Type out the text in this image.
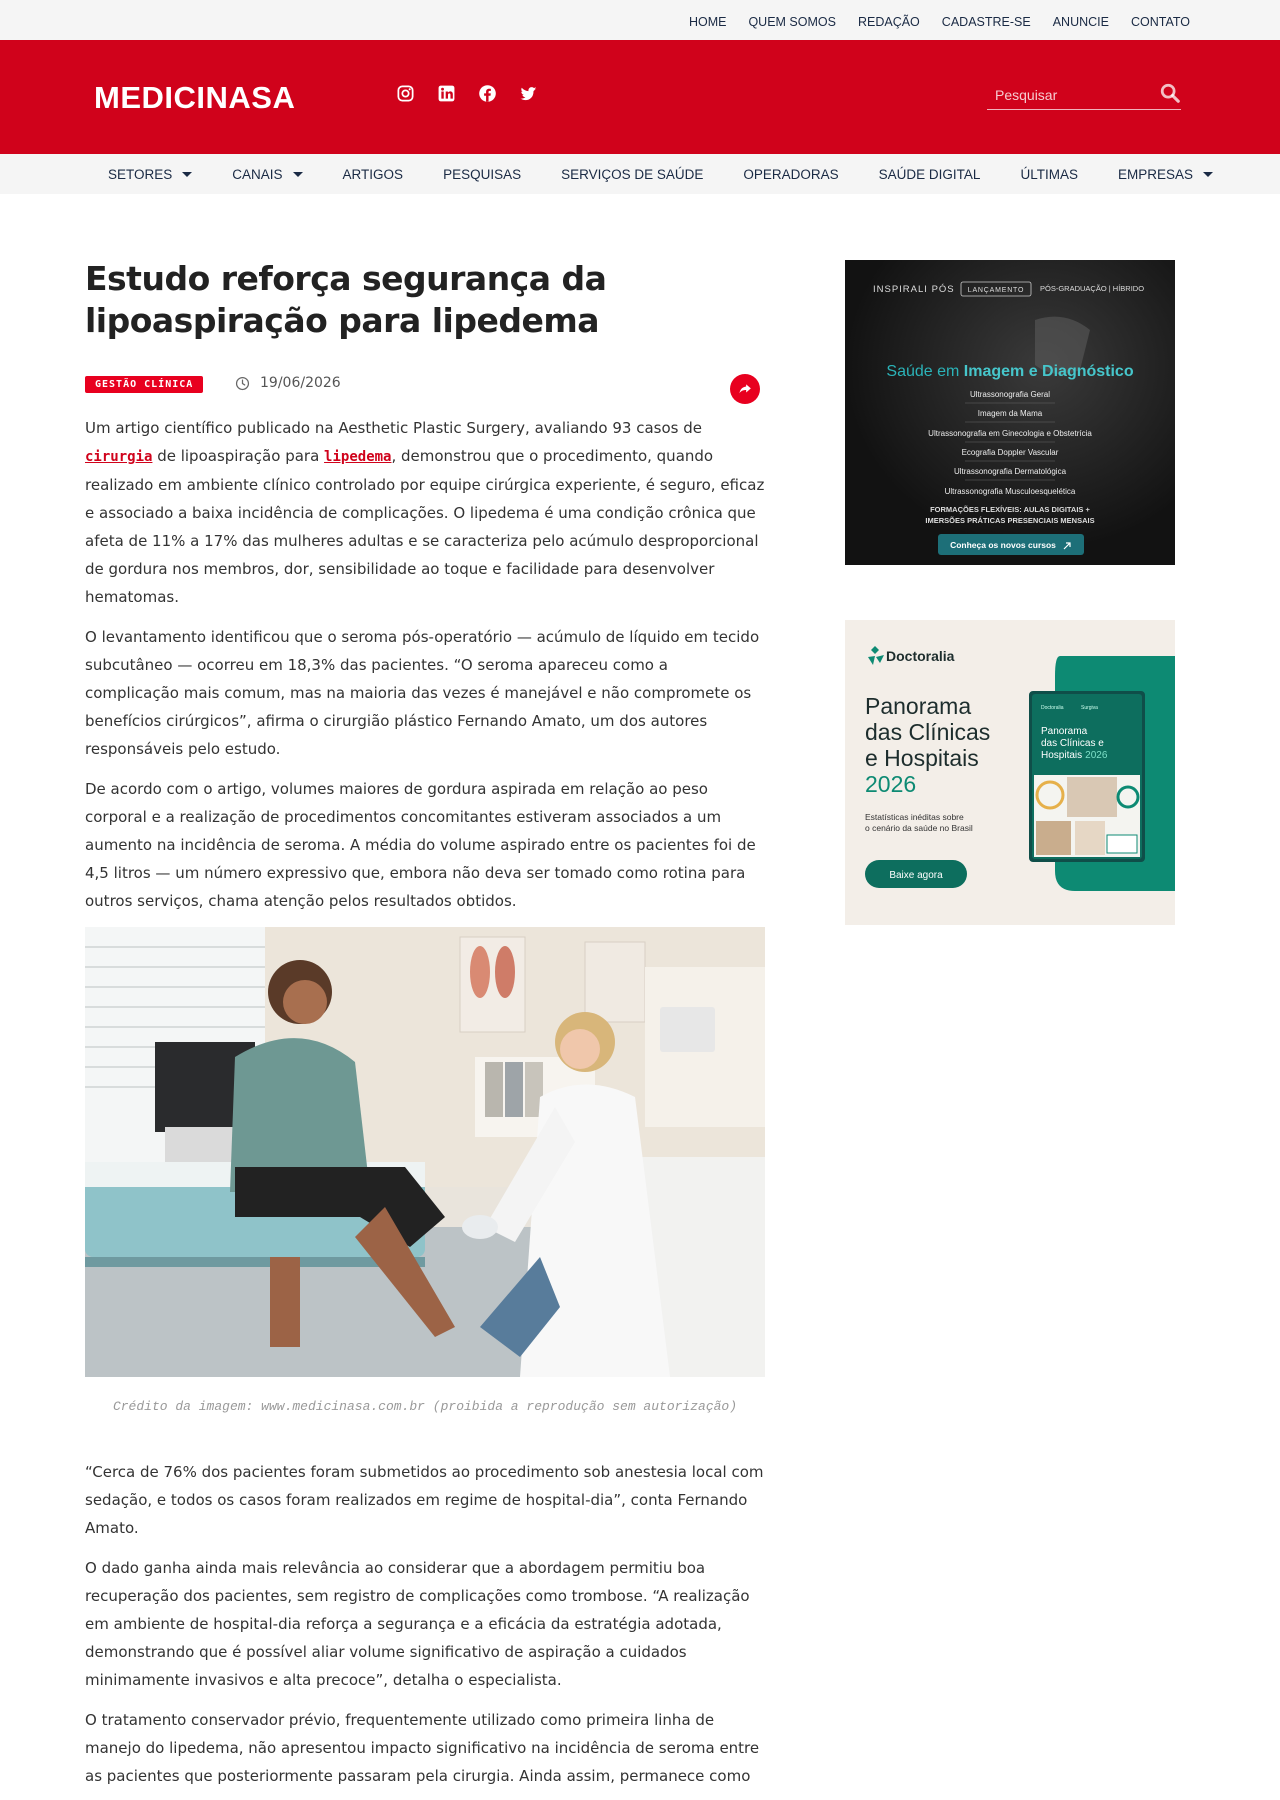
HOME QUEM SOMOS REDAÇÃO CADASTRE-SE ANUNCIE CONTATO
MEDICINASA
Pesquisar
SETORES	CANAIS	ARTIGOS	PESQUISAS	SERVIÇOS DE SAÚDE	OPERADORAS	SAÚDE DIGITAL	ÚLTIMAS	EMPRESAS
Estudo reforça segurança da lipoaspiração para lipedema
GESTÃO CLÍNICA	19/06/2026

Um artigo científico publicado na Aesthetic Plastic Surgery, avaliando 93 casos de cirurgia de lipoaspiração para lipedema, demonstrou que o procedimento, quando realizado em ambiente clínico controlado por equipe cirúrgica experiente, é seguro, eficaz e associado a baixa incidência de complicações. O lipedema é uma condição crônica que afeta de 11% a 17% das mulheres adultas e se caracteriza pelo acúmulo desproporcional de gordura nos membros, dor, sensibilidade ao toque e facilidade para desenvolver hematomas.

O levantamento identificou que o seroma pós-operatório — acúmulo de líquido em tecido subcutâneo — ocorreu em 18,3% das pacientes. “O seroma apareceu como a complicação mais comum, mas na maioria das vezes é manejável e não compromete os benefícios cirúrgicos”, afirma o cirurgião plástico Fernando Amato, um dos autores responsáveis pelo estudo.

De acordo com o artigo, volumes maiores de gordura aspirada em relação ao peso corporal e a realização de procedimentos concomitantes estiveram associados a um aumento na incidência de seroma. A média do volume aspirado entre os pacientes foi de 4,5 litros — um número expressivo que, embora não deva ser tomado como rotina para outros serviços, chama atenção pelos resultados obtidos.

Crédito da imagem: www.medicinasa.com.br (proibida a reprodução sem autorização)

“Cerca de 76% dos pacientes foram submetidos ao procedimento sob anestesia local com sedação, e todos os casos foram realizados em regime de hospital-dia”, conta Fernando Amato.

O dado ganha ainda mais relevância ao considerar que a abordagem permitiu boa recuperação dos pacientes, sem registro de complicações como trombose. “A realização em ambiente de hospital-dia reforça a segurança e a eficácia da estratégia adotada, demonstrando que é possível aliar volume significativo de aspiração a cuidados minimamente invasivos e alta precoce”, detalha o especialista.

O tratamento conservador prévio, frequentemente utilizado como primeira linha de manejo do lipedema, não apresentou impacto significativo na incidência de seroma entre as pacientes que posteriormente passaram pela cirurgia. Ainda assim, permanece como

INSPIRALI PÓS LANÇAMENTO PÓS-GRADUAÇÃO | HÍBRIDO
Saúde em Imagem e Diagnóstico
Ultrassonografia Geral
Imagem da Mama
Ultrassonografia em Ginecologia e Obstetrícia
Ecografia Doppler Vascular
Ultrassonografia Dermatológica
Ultrassonografia Musculoesquelética
FORMAÇÕES FLEXÍVEIS: AULAS DIGITAIS +
IMERSÕES PRÁTICAS PRESENCIAIS MENSAIS
Conheça os novos cursos
Doctoralia
Panorama
das Clínicas
e Hospitais
2026
Estatísticas inéditas sobre
o cenário da saúde no Brasil
Baixe agora
Doctoralia	Surgiva
Panorama
das Clínicas e
Hospitais 2026
